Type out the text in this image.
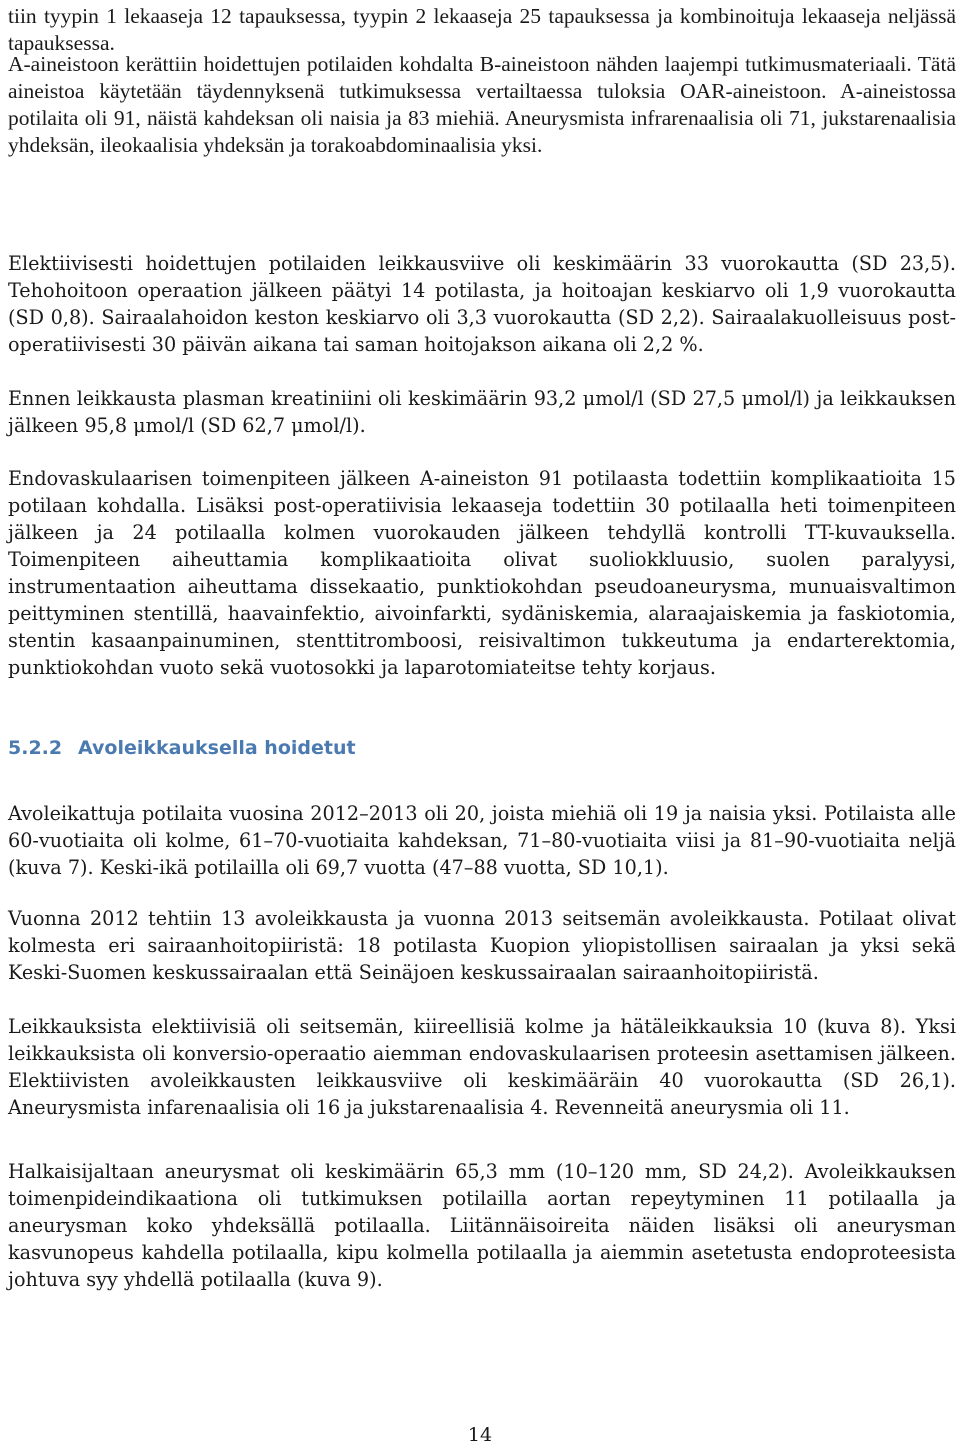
tiin tyypin 1 lekaaseja 12 tapauksessa, tyypin 2 lekaaseja 25 tapauksessa ja kombinoituja lekaaseja neljässä tapauksessa.

A-aineistoon kerättiin hoidettujen potilaiden kohdalta B-aineistoon nähden laajempi tutkimusmateriaali. Tätä aineistoa käytetään täydennyksenä tutkimuksessa vertailtaessa tuloksia OAR-aineistoon. A-aineistossa potilaita oli 91, näistä kahdeksan oli naisia ja 83 miehiä. Aneurysmista infrarenaalisia oli 71, jukstarenaalisia yhdeksän, ileokaalisia yhdeksän ja torakoabdominaalisia yksi.

Elektiivisesti hoidettujen potilaiden leikkausviive oli keskimäärin 33 vuorokautta (SD 23,5). Tehohoitoon operaation jälkeen päätyi 14 potilasta, ja hoitoajan keskiarvo oli 1,9 vuorokautta (SD 0,8). Sairaalahoidon keston keskiarvo oli 3,3 vuorokautta (SD 2,2). Sairaalakuolleisuus post-operatiivisesti 30 päivän aikana tai saman hoitojakson aikana oli 2,2 %.

Ennen leikkausta plasman kreatiniini oli keskimäärin 93,2 μmol/l (SD 27,5 μmol/l) ja leikkauksen jälkeen 95,8 μmol/l (SD 62,7 μmol/l).

Endovaskulaarisen toimenpiteen jälkeen A-aineiston 91 potilaasta todettiin komplikaatioita 15 potilaan kohdalla. Lisäksi post-operatiivisia lekaaseja todettiin 30 potilaalla heti toimenpiteen jälkeen ja 24 potilaalla kolmen vuorokauden jälkeen tehdyllä kontrolli TT-kuvauksella. Toimenpiteen aiheuttamia komplikaatioita olivat suoliokkluusio, suolen paralyysi, instrumentaation aiheuttama dissekaatio, punktiokohdan pseudoaneurysma, munuaisvaltimon peittyminen stentillä, haavainfektio, aivoinfarkti, sydäniskemia, alaraajaiskemia ja faskiotomia, stentin kasaanpainuminen, stenttitromboosi, reisivaltimon tukkeutuma ja endarterektomia, punktiokohdan vuoto sekä vuotosokki ja laparotomiateitse tehty korjaus.

5.2.2 Avoleikkauksella hoidetut

Avoleikattuja potilaita vuosina 2012–2013 oli 20, joista miehiä oli 19 ja naisia yksi. Potilaista alle 60-vuotiaita oli kolme, 61–70-vuotiaita kahdeksan, 71–80-vuotiaita viisi ja 81–90-vuotiaita neljä (kuva 7). Keski-ikä potilailla oli 69,7 vuotta (47–88 vuotta, SD 10,1).

Vuonna 2012 tehtiin 13 avoleikkausta ja vuonna 2013 seitsemän avoleikkausta. Potilaat olivat kolmesta eri sairaanhoitopiiristä: 18 potilasta Kuopion yliopistollisen sairaalan ja yksi sekä Keski-Suomen keskussairaalan että Seinäjoen keskussairaalan sairaanhoitopiiristä.

Leikkauksista elektiivisiä oli seitsemän, kiireellisiä kolme ja hätäleikkauksia 10 (kuva 8). Yksi leikkauksista oli konversio-operaatio aiemman endovaskulaarisen proteesin asettamisen jälkeen. Elektiivisten avoleikkausten leikkausviive oli keskimääräin 40 vuorokautta (SD 26,1). Aneurysmista infarenaalisia oli 16 ja jukstarenaalisia 4. Revenneitä aneurysmia oli 11.

Halkaisijaltaan aneurysmat oli keskimäärin 65,3 mm (10–120 mm, SD 24,2). Avoleikkauksen toimenpideindikaationa oli tutkimuksen potilailla aortan repeytyminen 11 potilaalla ja aneurysman koko yhdeksällä potilaalla. Liitännäisoireita näiden lisäksi oli aneurysman kasvunopeus kahdella potilaalla, kipu kolmella potilaalla ja aiemmin asetetusta endoproteesista johtuva syy yhdellä potilaalla (kuva 9).

14
